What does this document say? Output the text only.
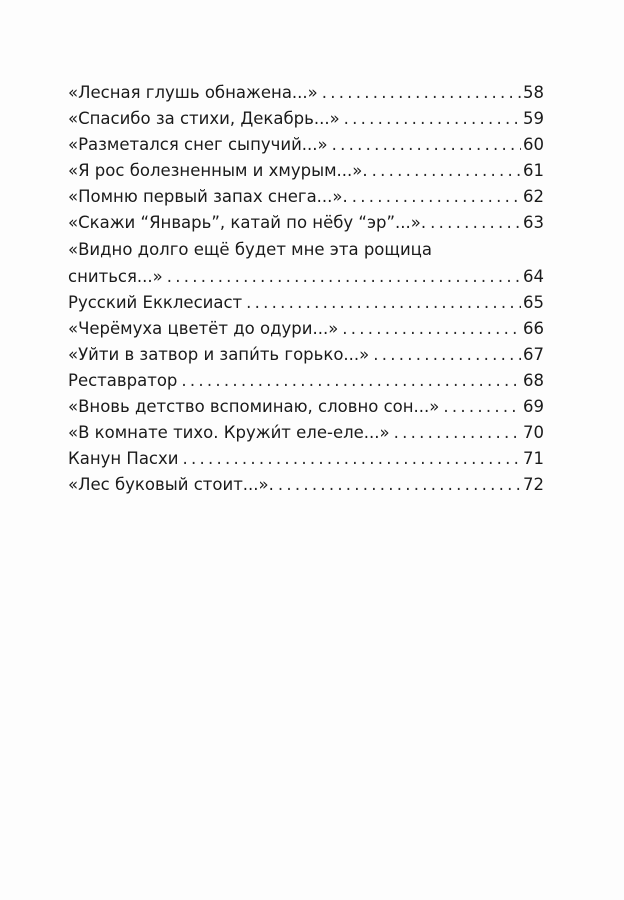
«Лесная глушь обнажена...» . . .	58
«Спасибо за стихи, Декабрь...» . . .	59
«Разметался снег сыпучий...» . . .	60
«Я рос болезненным и хмурым...». . . .	61
«Помню первый запах снега...». . . .	62
«Скажи “Январь”, катай по нёбу “эр”...». . . .	63
«Видно долго ещё будет мне эта рощица
сниться...» . . .	64
Русский Екклесиаст . . .	65
«Черёмуха цветёт до одури...» . . .	66
«Уйти в затвор и запи́ть горько...» . . .	67
Реставратор . . .	68
«Вновь детство вспоминаю, словно сон...» . . .	69
«В комнате тихо. Кружи́т еле-еле...» . . .	70
Канун Пасхи . . .	71
«Лес буковый стоит...». . . .	72
